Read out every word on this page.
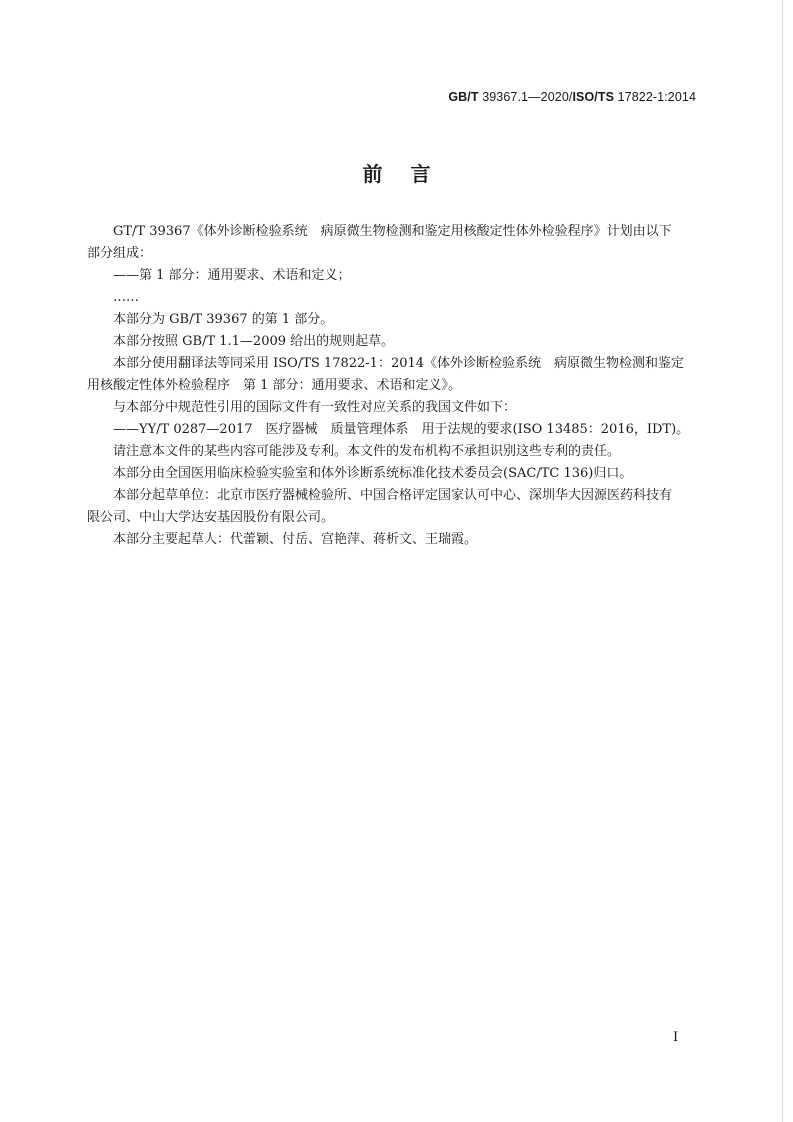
GB/T 39367.1—2020/ISO/TS 17822-1:2014
前言
GT/T 39367《体外诊断检验系统　病原微生物检测和鉴定用核酸定性体外检验程序》计划由以下
部分组成：
——第 1 部分：通用要求、术语和定义；
……
本部分为 GB/T 39367 的第 1 部分。
本部分按照 GB/T 1.1—2009 给出的规则起草。
本部分使用翻译法等同采用 ISO/TS 17822-1：2014《体外诊断检验系统　病原微生物检测和鉴定
用核酸定性体外检验程序　第 1 部分：通用要求、术语和定义》。
与本部分中规范性引用的国际文件有一致性对应关系的我国文件如下：
——YY/T 0287—2017　医疗器械　质量管理体系　用于法规的要求(ISO 13485：2016，IDT)。
请注意本文件的某些内容可能涉及专利。本文件的发布机构不承担识别这些专利的责任。
本部分由全国医用临床检验实验室和体外诊断系统标准化技术委员会(SAC/TC 136)归口。
本部分起草单位：北京市医疗器械检验所、中国合格评定国家认可中心、深圳华大因源医药科技有
限公司、中山大学达安基因股份有限公司。
本部分主要起草人：代蕾颖、付岳、宫艳萍、蒋析文、王瑞霞。
I
